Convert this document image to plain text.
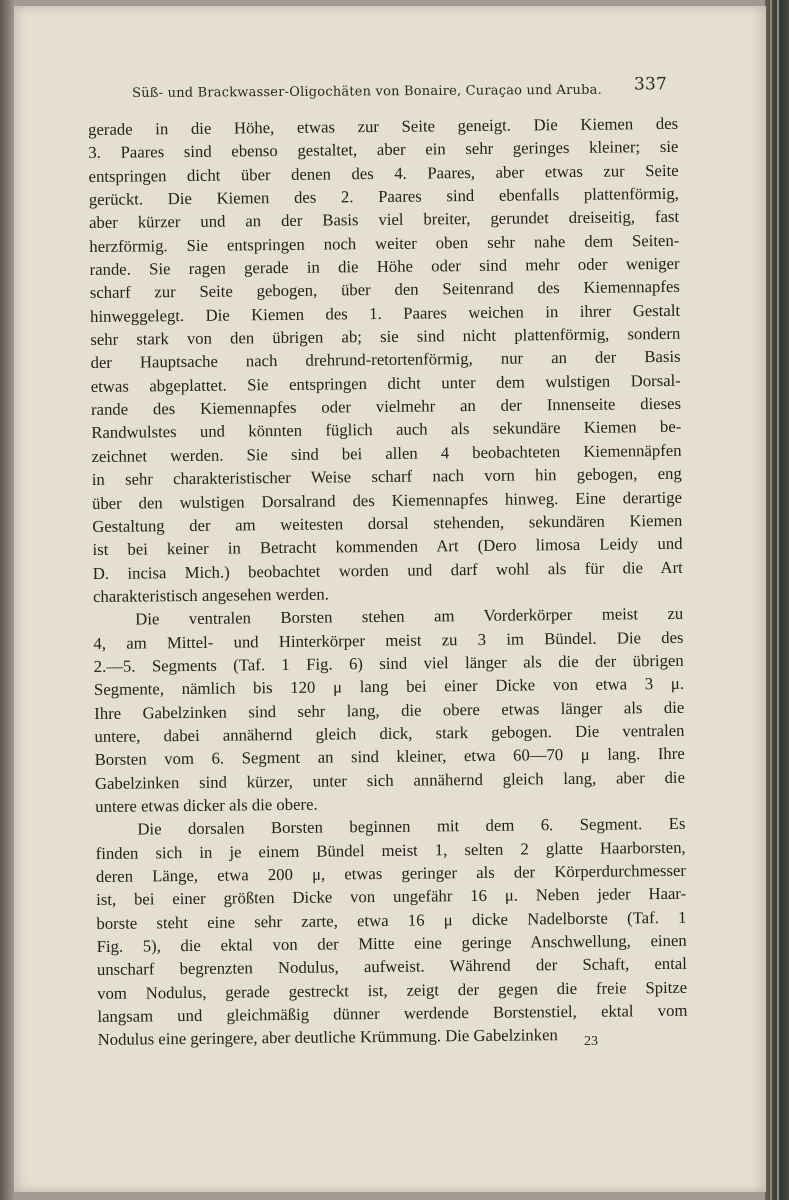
Süß- und Brackwasser-Oligochäten von Bonaire, Curaçao und Aruba. 337
gerade in die Höhe, etwas zur Seite geneigt. Die Kiemen des
3. Paares sind ebenso gestaltet, aber ein sehr geringes kleiner; sie
entspringen dicht über denen des 4. Paares, aber etwas zur Seite
gerückt. Die Kiemen des 2. Paares sind ebenfalls plattenförmig,
aber kürzer und an der Basis viel breiter, gerundet dreiseitig, fast
herzförmig. Sie entspringen noch weiter oben sehr nahe dem Seiten-
rande. Sie ragen gerade in die Höhe oder sind mehr oder weniger
scharf zur Seite gebogen, über den Seitenrand des Kiemennapfes
hinweggelegt. Die Kiemen des 1. Paares weichen in ihrer Gestalt
sehr stark von den übrigen ab; sie sind nicht plattenförmig, sondern
der Hauptsache nach drehrund-retortenförmig, nur an der Basis
etwas abgeplattet. Sie entspringen dicht unter dem wulstigen Dorsal-
rande des Kiemennapfes oder vielmehr an der Innenseite dieses
Randwulstes und könnten füglich auch als sekundäre Kiemen be-
zeichnet werden. Sie sind bei allen 4 beobachteten Kiemennäpfen
in sehr charakteristischer Weise scharf nach vorn hin gebogen, eng
über den wulstigen Dorsalrand des Kiemennapfes hinweg. Eine derartige
Gestaltung der am weitesten dorsal stehenden, sekundären Kiemen
ist bei keiner in Betracht kommenden Art (Dero limosa Leidy und
D. incisa Mich.) beobachtet worden und darf wohl als für die Art
charakteristisch angesehen werden.
Die ventralen Borsten stehen am Vorderkörper meist zu
4, am Mittel- und Hinterkörper meist zu 3 im Bündel. Die des
2.—5. Segments (Taf. 1 Fig. 6) sind viel länger als die der übrigen
Segmente, nämlich bis 120 μ lang bei einer Dicke von etwa 3 μ.
Ihre Gabelzinken sind sehr lang, die obere etwas länger als die
untere, dabei annähernd gleich dick, stark gebogen. Die ventralen
Borsten vom 6. Segment an sind kleiner, etwa 60—70 μ lang. Ihre
Gabelzinken sind kürzer, unter sich annähernd gleich lang, aber die
untere etwas dicker als die obere.
Die dorsalen Borsten beginnen mit dem 6. Segment. Es
finden sich in je einem Bündel meist 1, selten 2 glatte Haarborsten,
deren Länge, etwa 200 μ, etwas geringer als der Körperdurchmesser
ist, bei einer größten Dicke von ungefähr 16 μ. Neben jeder Haar-
borste steht eine sehr zarte, etwa 16 μ dicke Nadelborste (Taf. 1
Fig. 5), die ektal von der Mitte eine geringe Anschwellung, einen
unscharf begrenzten Nodulus, aufweist. Während der Schaft, ental
vom Nodulus, gerade gestreckt ist, zeigt der gegen die freie Spitze
langsam und gleichmäßig dünner werdende Borstenstiel, ektal vom
Nodulus eine geringere, aber deutliche Krümmung. Die Gabelzinken	23
